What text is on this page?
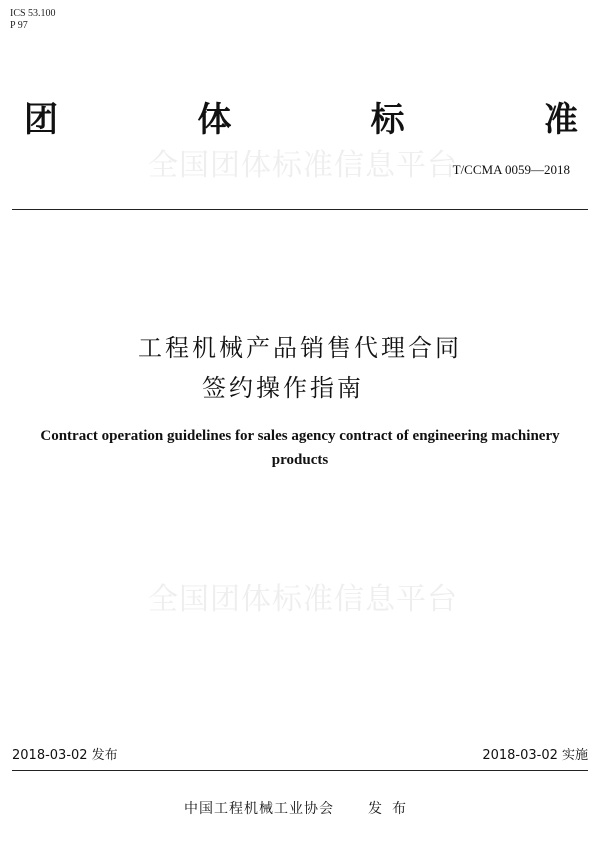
ICS 53.100
P 97
团	体	标	准
全国团体标准信息平台
T/CCMA 0059—2018
工程机械产品销售代理合同
签约操作指南
Contract operation guidelines for sales agency contract of engineering machinery products
全国团体标准信息平台
2018-03-02 发布	2018-03-02 实施
中国工程机械工业协会 发布
